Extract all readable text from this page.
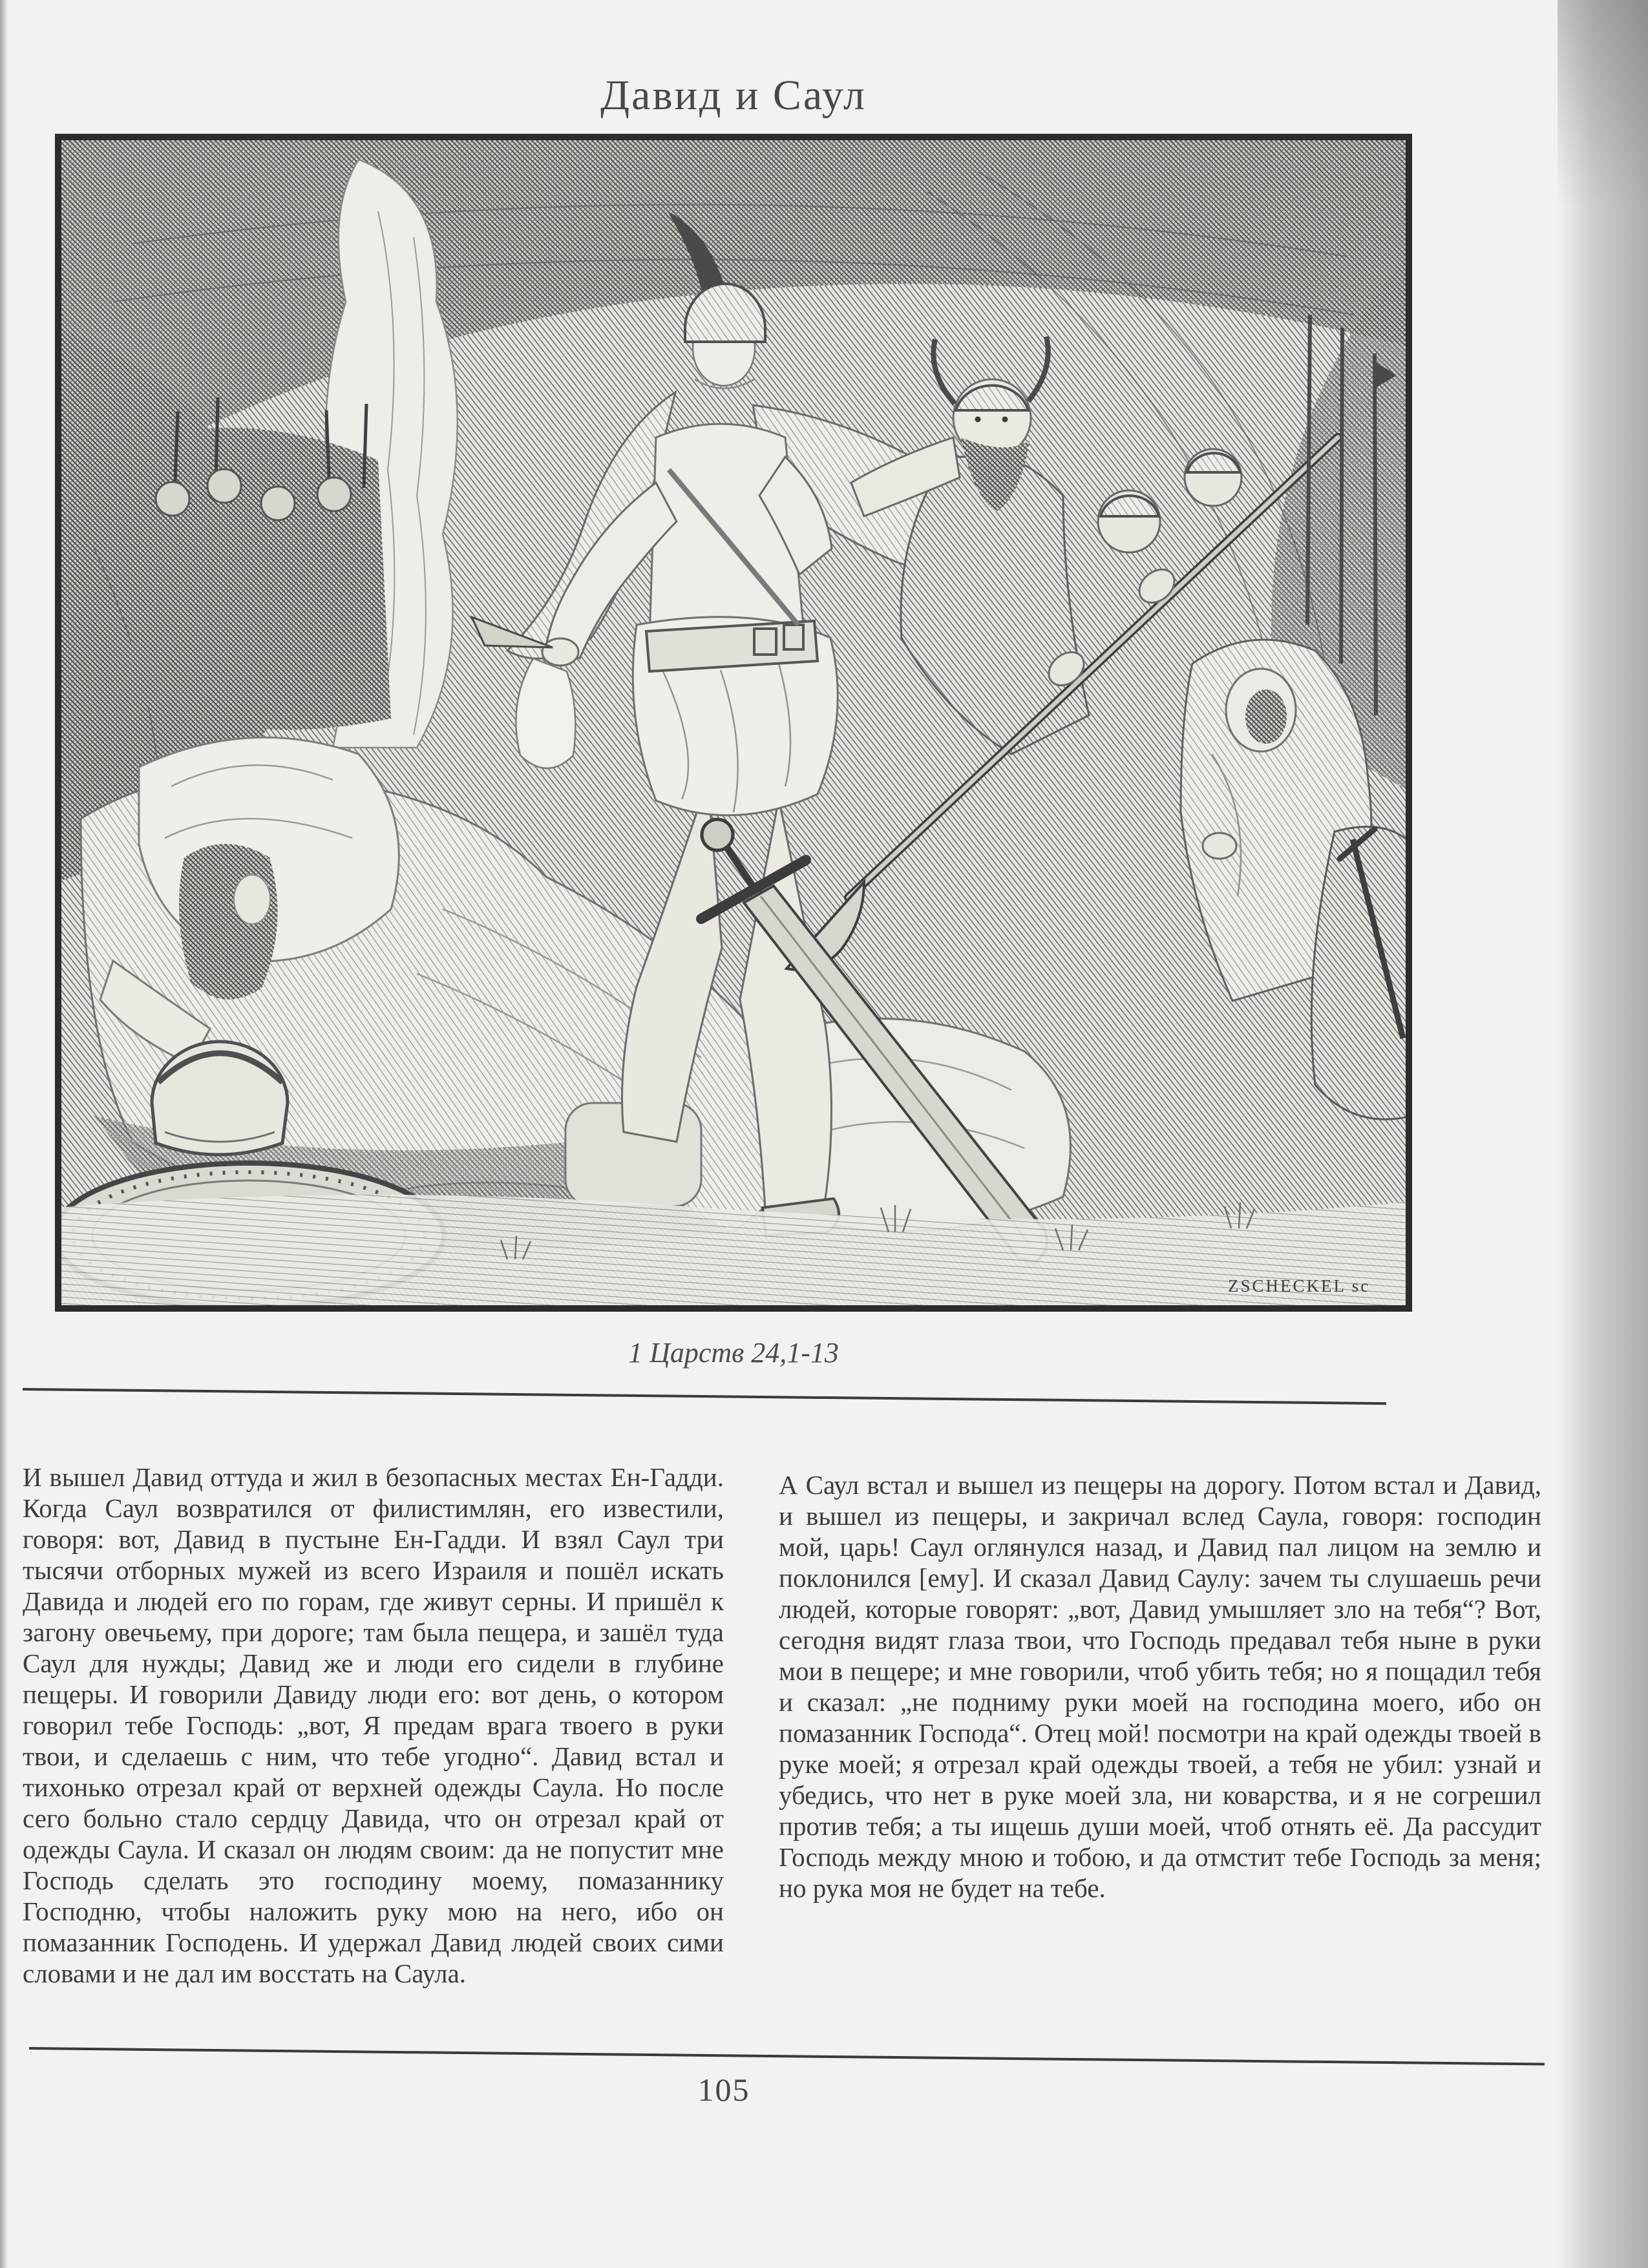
Давид и Саул
ZSCHECKEL sc
1 Царств 24,1-13

И вышел Давид оттуда и жил в безопасных местах Ен-Гадди. Когда Саул возвратился от филистимлян, его известили, говоря: вот, Давид в пустыне Ен-Гадди. И взял Саул три тысячи отборных мужей из всего Израиля и пошёл искать Давида и людей его по горам, где живут серны. И пришёл к загону овечьему, при дороге; там была пещера, и зашёл туда Саул для нужды; Давид же и люди его сидели в глубине пещеры. И говорили Давиду люди его: вот день, о котором говорил тебе Господь: „вот, Я предам врага твоего в руки твои, и сделаешь с ним, что тебе угодно“. Давид встал и тихонько отрезал край от верхней одежды Саула. Но после сего больно стало сердцу Давида, что он отрезал край от одежды Саула. И сказал он людям своим: да не попустит мне Господь сделать это господину моему, помазаннику Господню, чтобы наложить руку мою на него, ибо он помазанник Господень. И удержал Давид людей своих сими словами и не дал им восстать на Саула.

А Саул встал и вышел из пещеры на дорогу. Потом встал и Давид, и вышел из пещеры, и закричал вслед Саула, говоря: господин мой, царь! Саул оглянулся назад, и Давид пал лицом на землю и поклонился [ему]. И сказал Давид Саулу: зачем ты слушаешь речи людей, которые говорят: „вот, Давид умышляет зло на тебя“? Вот, сегодня видят глаза твои, что Господь предавал тебя ныне в руки мои в пещере; и мне говорили, чтоб убить тебя; но я пощадил тебя и сказал: „не подниму руки моей на господина моего, ибо он помазанник Господа“. Отец мой! посмотри на край одежды твоей в руке моей; я отрезал край одежды твоей, а тебя не убил: узнай и убедись, что нет в руке моей зла, ни коварства, и я не согрешил против тебя; а ты ищешь души моей, чтоб отнять её. Да рассудит Господь между мною и тобою, и да отмстит тебе Господь за меня; но рука моя не будет на тебе.

105
